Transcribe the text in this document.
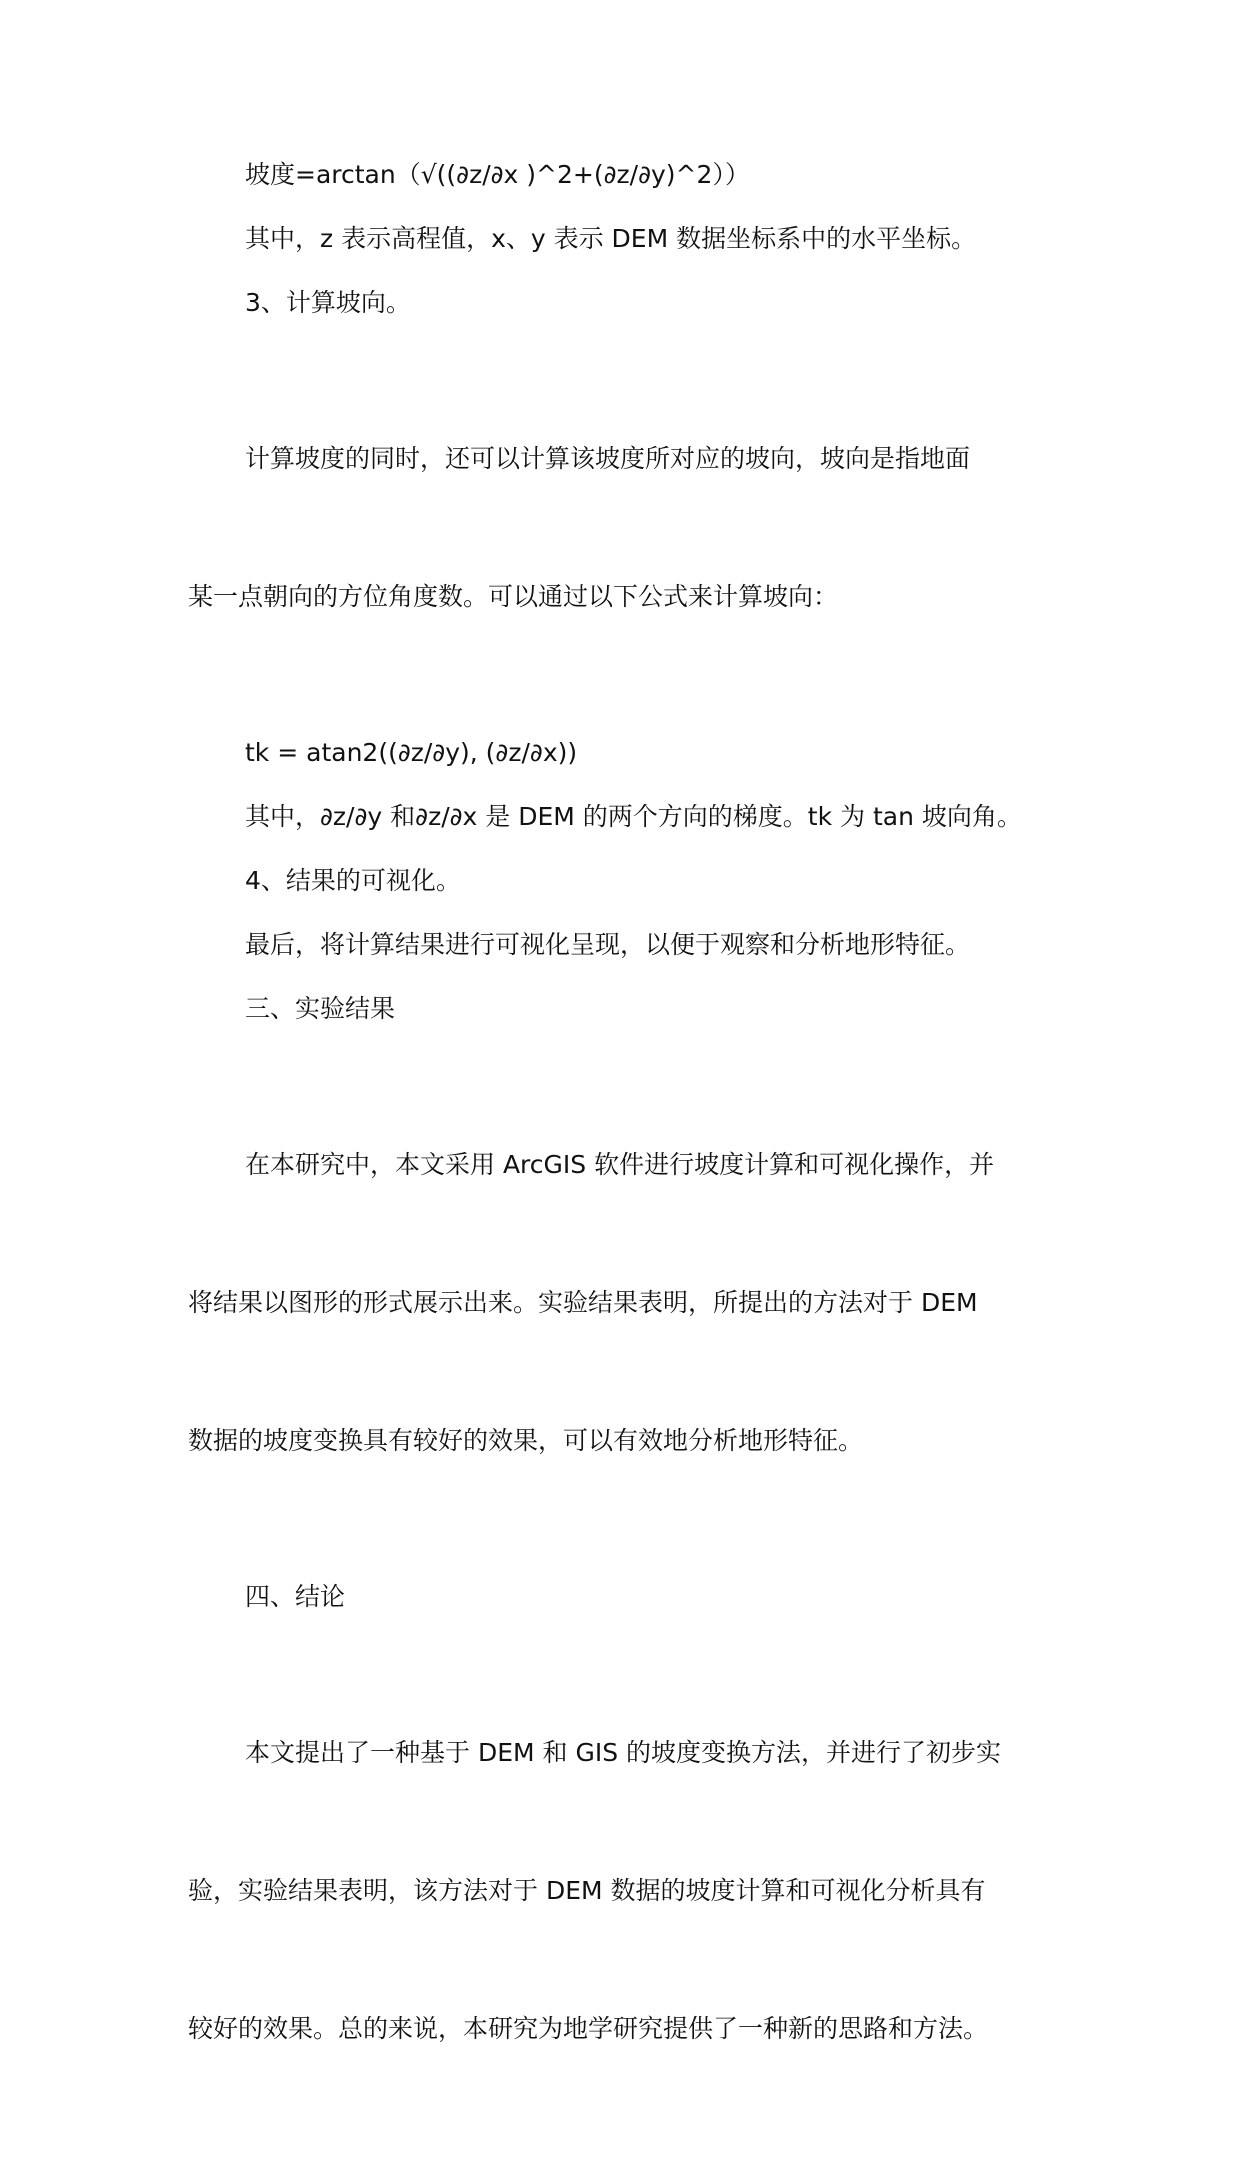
坡度=arctan（√((∂z/∂x )^2+(∂z/∂y)^2））
其中，z 表示高程值，x、y 表示 DEM 数据坐标系中的水平坐标。
3、计算坡向。

计算坡度的同时，还可以计算该坡度所对应的坡向，坡向是指地面

某一点朝向的方位角度数。可以通过以下公式来计算坡向：

tk = atan2((∂z/∂y), (∂z/∂x))
其中，∂z/∂y 和∂z/∂x 是 DEM 的两个方向的梯度。tk 为 tan 坡向角。
4、结果的可视化。
最后，将计算结果进行可视化呈现，以便于观察和分析地形特征。
三、实验结果

在本研究中，本文采用 ArcGIS 软件进行坡度计算和可视化操作，并

将结果以图形的形式展示出来。实验结果表明，所提出的方法对于 DEM

数据的坡度变换具有较好的效果，可以有效地分析地形特征。

四、结论

本文提出了一种基于 DEM 和 GIS 的坡度变换方法，并进行了初步实

验，实验结果表明，该方法对于 DEM 数据的坡度计算和可视化分析具有

较好的效果。总的来说，本研究为地学研究提供了一种新的思路和方法。
